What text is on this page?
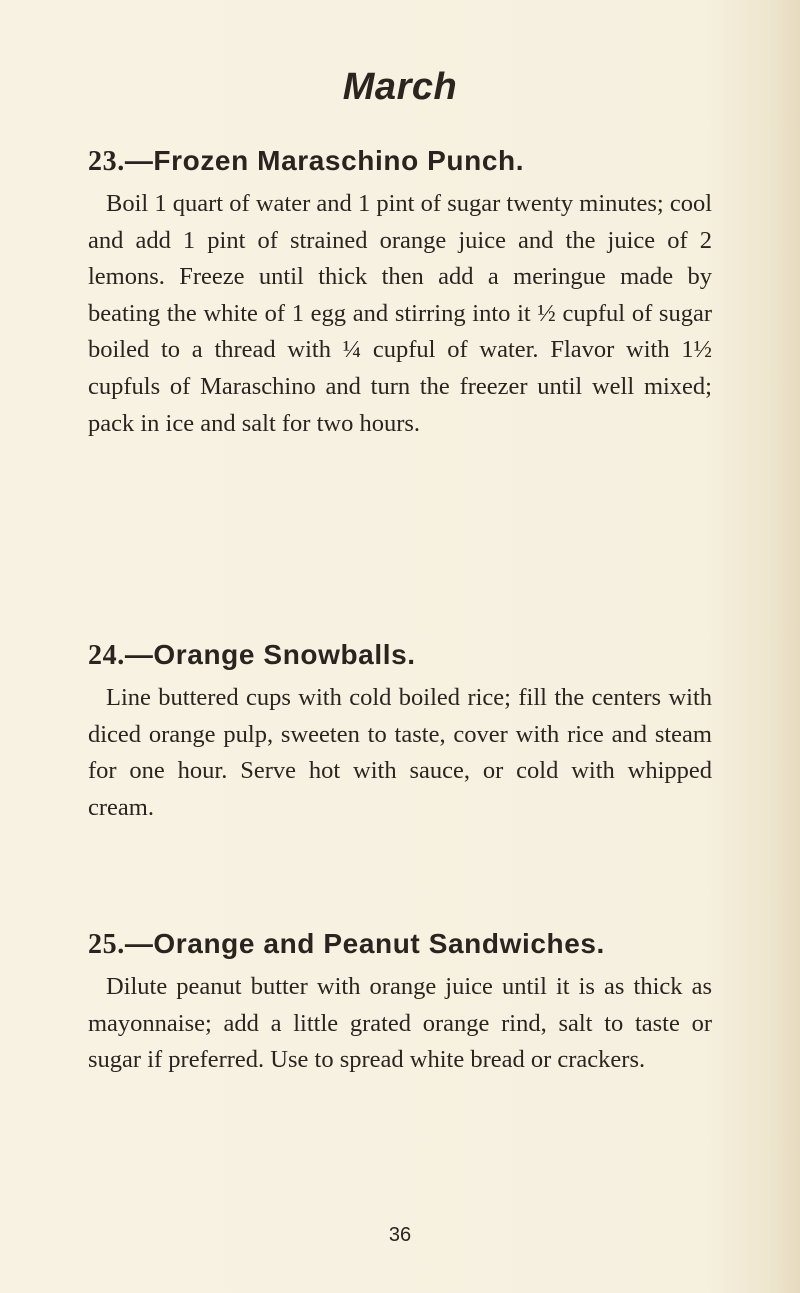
March
23.—Frozen Maraschino Punch.

Boil 1 quart of water and 1 pint of sugar twenty minutes; cool and add 1 pint of strained orange juice and the juice of 2 lemons. Freeze until thick then add a meringue made by beating the white of 1 egg and stirring into it ½ cupful of sugar boiled to a thread with ¼ cupful of water. Flavor with 1½ cupfuls of Maraschino and turn the freezer until well mixed; pack in ice and salt for two hours.

24.—Orange Snowballs.

Line buttered cups with cold boiled rice; fill the centers with diced orange pulp, sweeten to taste, cover with rice and steam for one hour. Serve hot with sauce, or cold with whipped cream.

25.—Orange and Peanut Sandwiches.

Dilute peanut butter with orange juice until it is as thick as mayonnaise; add a little grated orange rind, salt to taste or sugar if preferred. Use to spread white bread or crackers.

36
